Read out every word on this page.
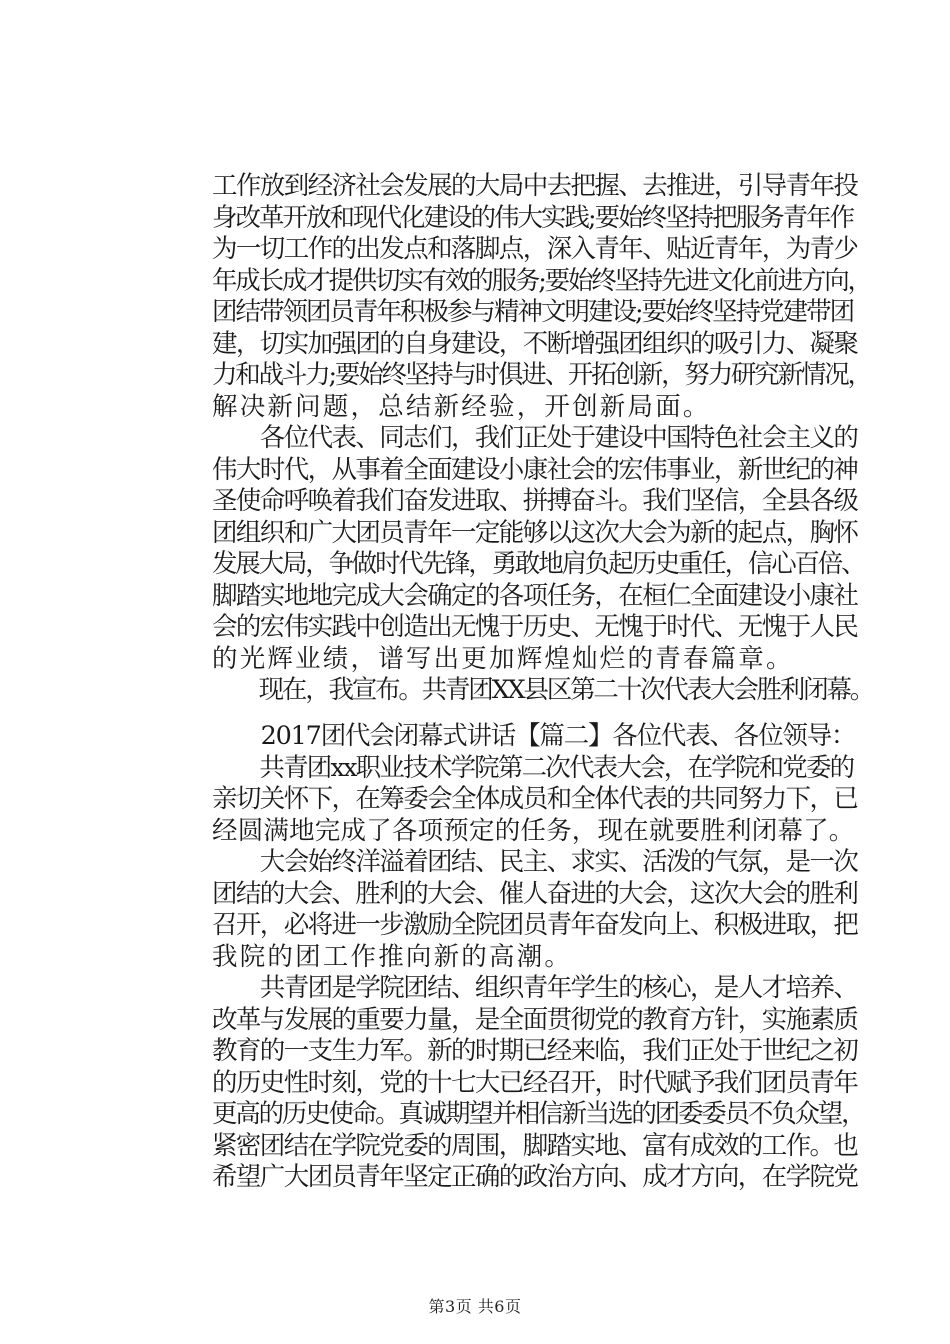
工作放到经济社会发展的大局中去把握、去推进，引导青年投
身改革开放和现代化建设的伟大实践;要始终坚持把服务青年作
为一切工作的出发点和落脚点，深入青年、贴近青年，为青少
年成长成才提供切实有效的服务;要始终坚持先进文化前进方向，
团结带领团员青年积极参与精神文明建设;要始终坚持党建带团
建，切实加强团的自身建设，不断增强团组织的吸引力、凝聚
力和战斗力;要始终坚持与时俱进、开拓创新，努力研究新情况，
解决新问题，总结新经验，开创新局面。
　　各位代表、同志们，我们正处于建设中国特色社会主义的
伟大时代，从事着全面建设小康社会的宏伟事业，新世纪的神
圣使命呼唤着我们奋发进取、拼搏奋斗。我们坚信，全县各级
团组织和广大团员青年一定能够以这次大会为新的起点，胸怀
发展大局，争做时代先锋，勇敢地肩负起历史重任，信心百倍、
脚踏实地地完成大会确定的各项任务，在桓仁全面建设小康社
会的宏伟实践中创造出无愧于历史、无愧于时代、无愧于人民
的光辉业绩，谱写出更加辉煌灿烂的青春篇章。
　　现在，我宣布。共青团XX县区第二十次代表大会胜利闭幕。
　　2017团代会闭幕式讲话【篇二】各位代表、各位领导：
　　共青团xx职业技术学院第二次代表大会，在学院和党委的
亲切关怀下，在筹委会全体成员和全体代表的共同努力下，已
经圆满地完成了各项预定的任务，现在就要胜利闭幕了。
　　大会始终洋溢着团结、民主、求实、活泼的气氛，是一次
团结的大会、胜利的大会、催人奋进的大会，这次大会的胜利
召开，必将进一步激励全院团员青年奋发向上、积极进取，把
我院的团工作推向新的高潮。
　　共青团是学院团结、组织青年学生的核心，是人才培养、
改革与发展的重要力量，是全面贯彻党的教育方针，实施素质
教育的一支生力军。新的时期已经来临，我们正处于世纪之初
的历史性时刻，党的十七大已经召开，时代赋予我们团员青年
更高的历史使命。真诚期望并相信新当选的团委委员不负众望，
紧密团结在学院党委的周围，脚踏实地、富有成效的工作。也
希望广大团员青年坚定正确的政治方向、成才方向，在学院党
第3页 共6页
